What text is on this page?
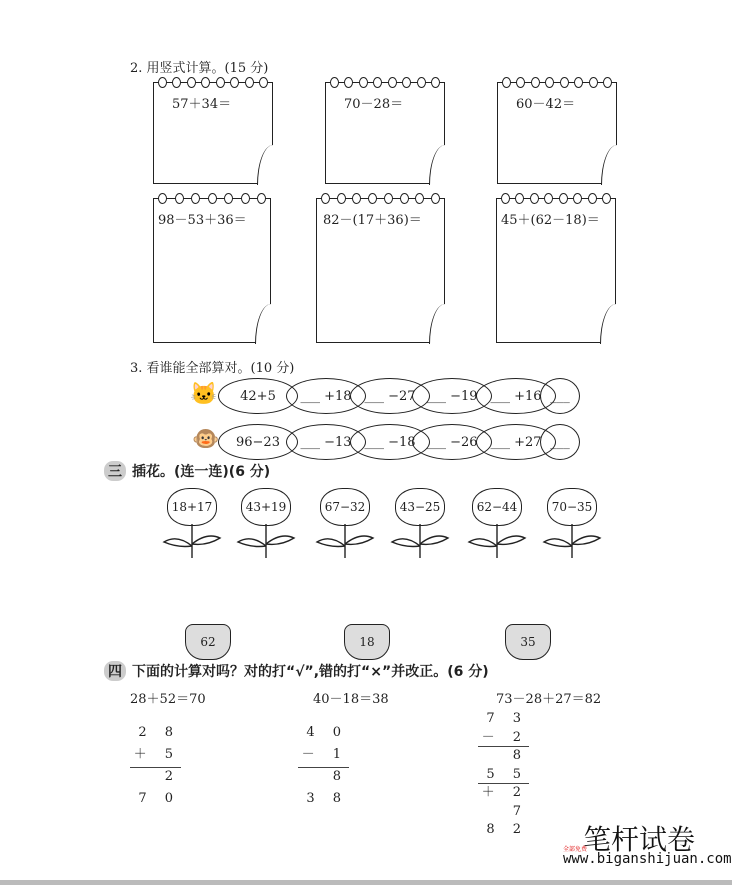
2. 用竖式计算。(15 分)
57＋34＝	70－28＝	60－42＝
98－53＋36＝	82－(17＋36)＝	45＋(62－18)＝
3. 看谁能全部算对。(10 分)
🐱	42+5	___ +18 ___ −27 ___ −19 ___ +16 ___
🐵	96−23	___ −13 ___ −18 ___ −26 ___ +27 ___
三 插花。(连一连)(6 分)
18+17	43+19	67−32	43−25	62−44	70−35
62	18	35
四 下面的计算对吗？对的打“√”,错的打“×”并改正。(6 分)
28＋52＝70
2 8
＋ 5 2
7 0
40－18＝38
4 0
－ 1 8
3 8
73－28＋27＝82
7 3
－ 2 8
5 5
＋ 2 7
8 2 笔杆试卷
全部免费
www.biganshijuan.com
